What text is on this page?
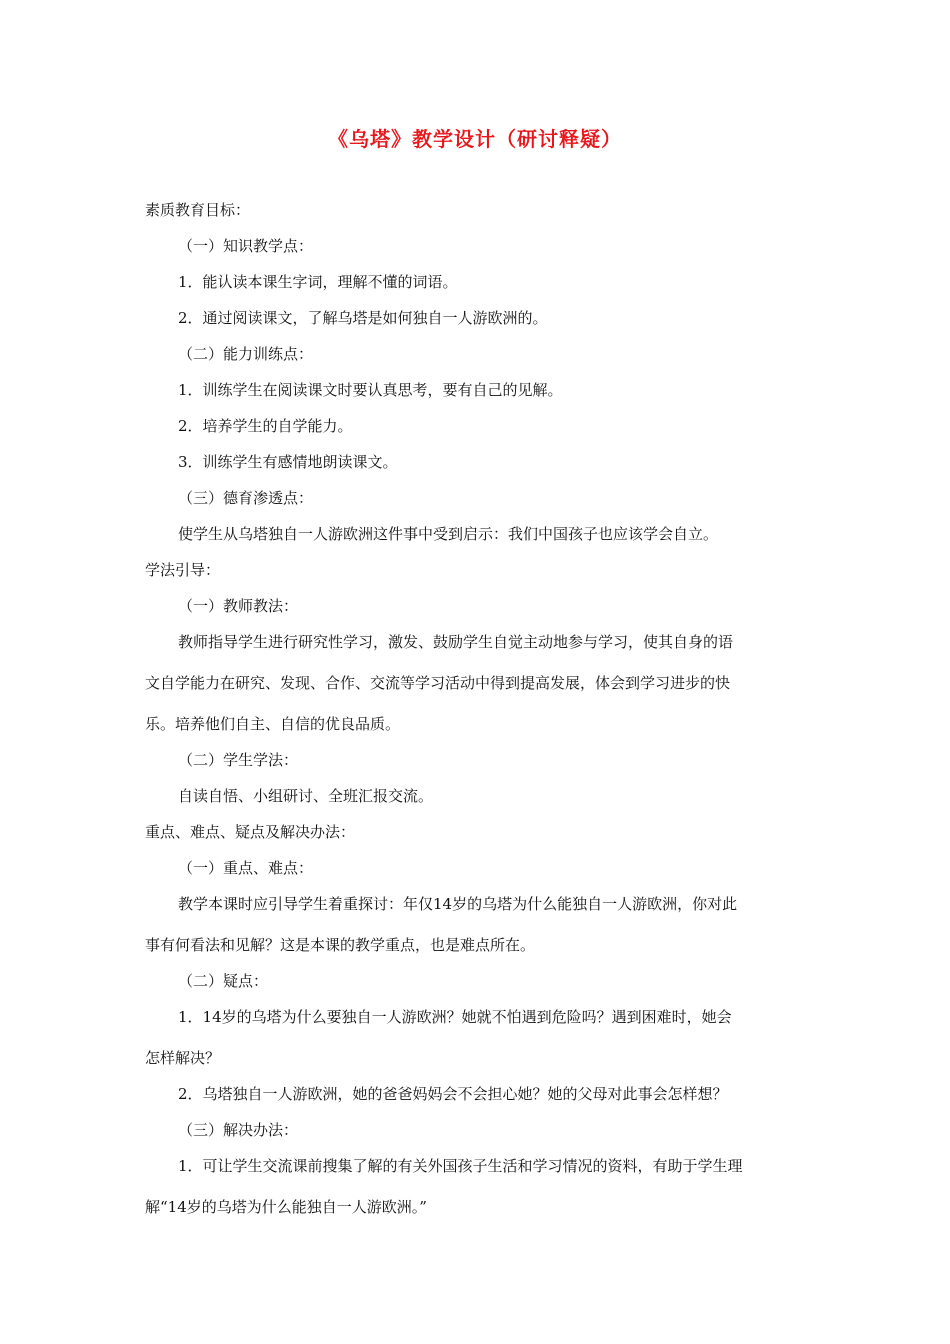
《乌塔》教学设计（研讨释疑）
素质教育目标：
（一）知识教学点：
1．能认读本课生字词，理解不懂的词语。
2．通过阅读课文，了解乌塔是如何独自一人游欧洲的。
（二）能力训练点：
1．训练学生在阅读课文时要认真思考，要有自己的见解。
2．培养学生的自学能力。
3．训练学生有感情地朗读课文。
（三）德育渗透点：
使学生从乌塔独自一人游欧洲这件事中受到启示：我们中国孩子也应该学会自立。
学法引导：
（一）教师教法：
教师指导学生进行研究性学习，激发、鼓励学生自觉主动地参与学习，使其自身的语
文自学能力在研究、发现、合作、交流等学习活动中得到提高发展，体会到学习进步的快
乐。培养他们自主、自信的优良品质。
（二）学生学法：
自读自悟、小组研讨、全班汇报交流。
重点、难点、疑点及解决办法：
（一）重点、难点：
教学本课时应引导学生着重探讨：年仅14岁的乌塔为什么能独自一人游欧洲，你对此
事有何看法和见解？这是本课的教学重点，也是难点所在。
（二）疑点：
1．14岁的乌塔为什么要独自一人游欧洲？她就不怕遇到危险吗？遇到困难时，她会
怎样解决？
2．乌塔独自一人游欧洲，她的爸爸妈妈会不会担心她？她的父母对此事会怎样想？
（三）解决办法：
1．可让学生交流课前搜集了解的有关外国孩子生活和学习情况的资料，有助于学生理
解“14岁的乌塔为什么能独自一人游欧洲。”
